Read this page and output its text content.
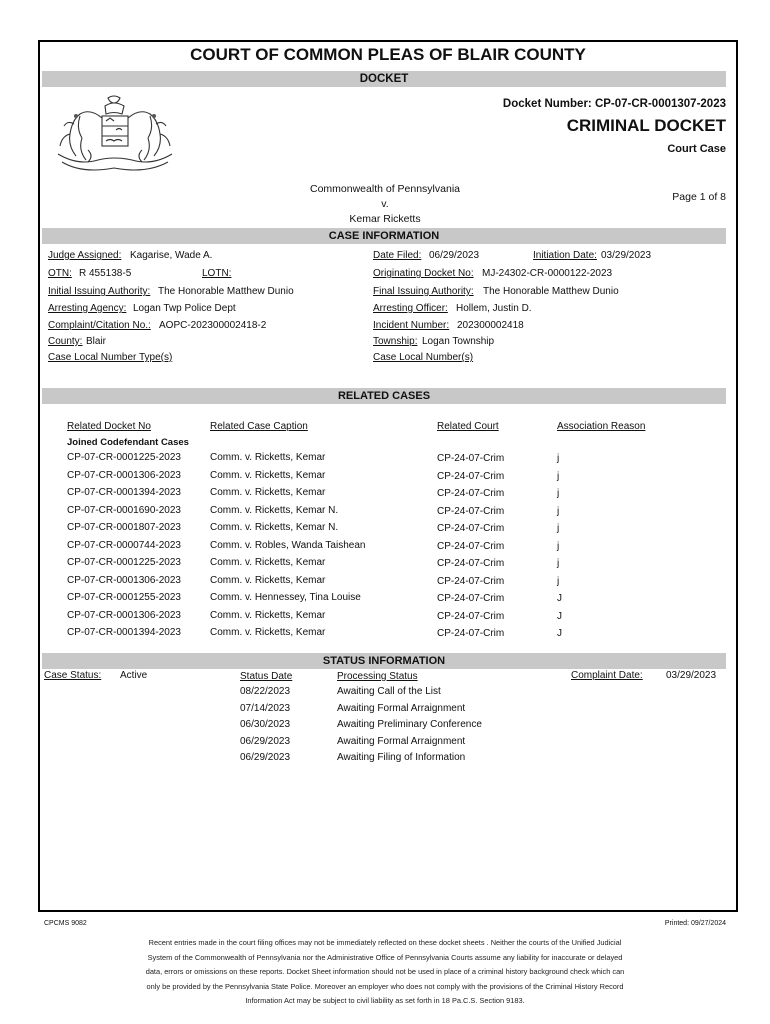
COURT OF COMMON PLEAS OF BLAIR COUNTY
DOCKET
Docket Number: CP-07-CR-0001307-2023
CRIMINAL DOCKET
Court Case
Commonwealth of Pennsylvania
v.
Kemar Ricketts
Page 1 of 8
CASE INFORMATION
Judge Assigned: Kagarise, Wade A.	Date Filed: 06/29/2023	Initiation Date: 03/29/2023
OTN: R 455138-5	LOTN:	Originating Docket No: MJ-24302-CR-0000122-2023
Initial Issuing Authority: The Honorable Matthew Dunio	Final Issuing Authority: The Honorable Matthew Dunio
Arresting Agency: Logan Twp Police Dept	Arresting Officer: Hollem, Justin D.
Complaint/Citation No.: AOPC-202300002418-2	Incident Number: 202300002418
County: Blair	Township: Logan Township
Case Local Number Type(s)	Case Local Number(s)
RELATED CASES
Related Docket No	Related Case Caption	Related Court	Association Reason
Joined Codefendant Cases
CP-07-CR-0001225-2023	Comm. v. Ricketts, Kemar	CP-24-07-Crim	j
CP-07-CR-0001306-2023	Comm. v. Ricketts, Kemar	CP-24-07-Crim	j
CP-07-CR-0001394-2023	Comm. v. Ricketts, Kemar	CP-24-07-Crim	j
CP-07-CR-0001690-2023	Comm. v. Ricketts, Kemar N.	CP-24-07-Crim	j
CP-07-CR-0001807-2023	Comm. v. Ricketts, Kemar N.	CP-24-07-Crim	j
CP-07-CR-0000744-2023	Comm. v. Robles, Wanda Taishean	CP-24-07-Crim	j
CP-07-CR-0001225-2023	Comm. v. Ricketts, Kemar	CP-24-07-Crim	j
CP-07-CR-0001306-2023	Comm. v. Ricketts, Kemar	CP-24-07-Crim	j
CP-07-CR-0001255-2023	Comm. v. Hennessey, Tina Louise	CP-24-07-Crim	J
CP-07-CR-0001306-2023	Comm. v. Ricketts, Kemar	CP-24-07-Crim	J
CP-07-CR-0001394-2023	Comm. v. Ricketts, Kemar	CP-24-07-Crim	J
STATUS INFORMATION
Case Status: Active	Status Date	Processing Status	Complaint Date: 03/29/2023
08/22/2023	Awaiting Call of the List
07/14/2023	Awaiting Formal Arraignment
06/30/2023	Awaiting Preliminary Conference
06/29/2023	Awaiting Formal Arraignment
06/29/2023	Awaiting Filing of Information
CPCMS 9082	Printed: 09/27/2024
Recent entries made in the court filing offices may not be immediately reflected on these docket sheets . Neither the courts of the Unified Judicial
System of the Commonwealth of Pennsylvania nor the Administrative Office of Pennsylvania Courts assume any liability for inaccurate or delayed
data, errors or omissions on these reports. Docket Sheet information should not be used in place of a criminal history background check which can
only be provided by the Pennsylvania State Police. Moreover an employer who does not comply with the provisions of the Criminal History Record
Information Act may be subject to civil liability as set forth in 18 Pa.C.S. Section 9183.
